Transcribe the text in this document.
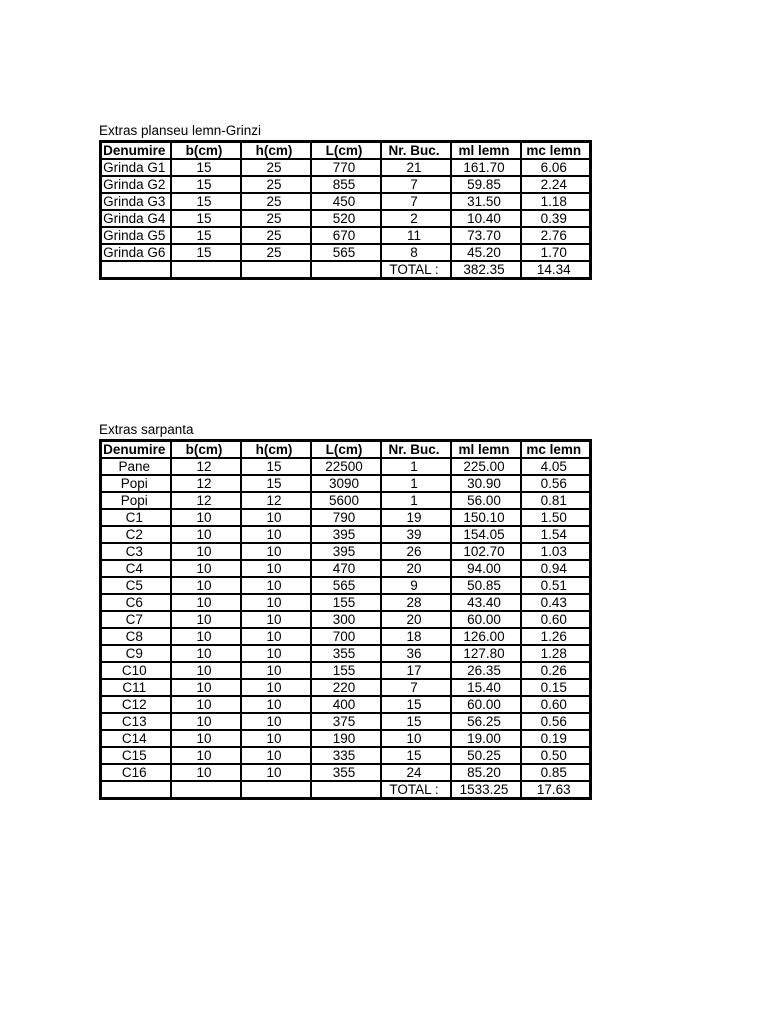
Extras planseu lemn-Grinzi
Denumire	b(cm)	h(cm)	L(cm)	Nr. Buc.	ml lemn	mc lemn
Grinda G1	15	25	770	21	161.70	6.06
Grinda G2	15	25	855	7	59.85	2.24
Grinda G3	15	25	450	7	31.50	1.18
Grinda G4	15	25	520	2	10.40	0.39
Grinda G5	15	25	670	11	73.70	2.76
Grinda G6	15	25	565	8	45.20	1.70
				TOTAL :	382.35	14.34
Extras sarpanta
Denumire	b(cm)	h(cm)	L(cm)	Nr. Buc.	ml lemn	mc lemn
Pane	12	15	22500	1	225.00	4.05
Popi	12	15	3090	1	30.90	0.56
Popi	12	12	5600	1	56.00	0.81
C1	10	10	790	19	150.10	1.50
C2	10	10	395	39	154.05	1.54
C3	10	10	395	26	102.70	1.03
C4	10	10	470	20	94.00	0.94
C5	10	10	565	9	50.85	0.51
C6	10	10	155	28	43.40	0.43
C7	10	10	300	20	60.00	0.60
C8	10	10	700	18	126.00	1.26
C9	10	10	355	36	127.80	1.28
C10	10	10	155	17	26.35	0.26
C11	10	10	220	7	15.40	0.15
C12	10	10	400	15	60.00	0.60
C13	10	10	375	15	56.25	0.56
C14	10	10	190	10	19.00	0.19
C15	10	10	335	15	50.25	0.50
C16	10	10	355	24	85.20	0.85
				TOTAL :	1533.25	17.63
